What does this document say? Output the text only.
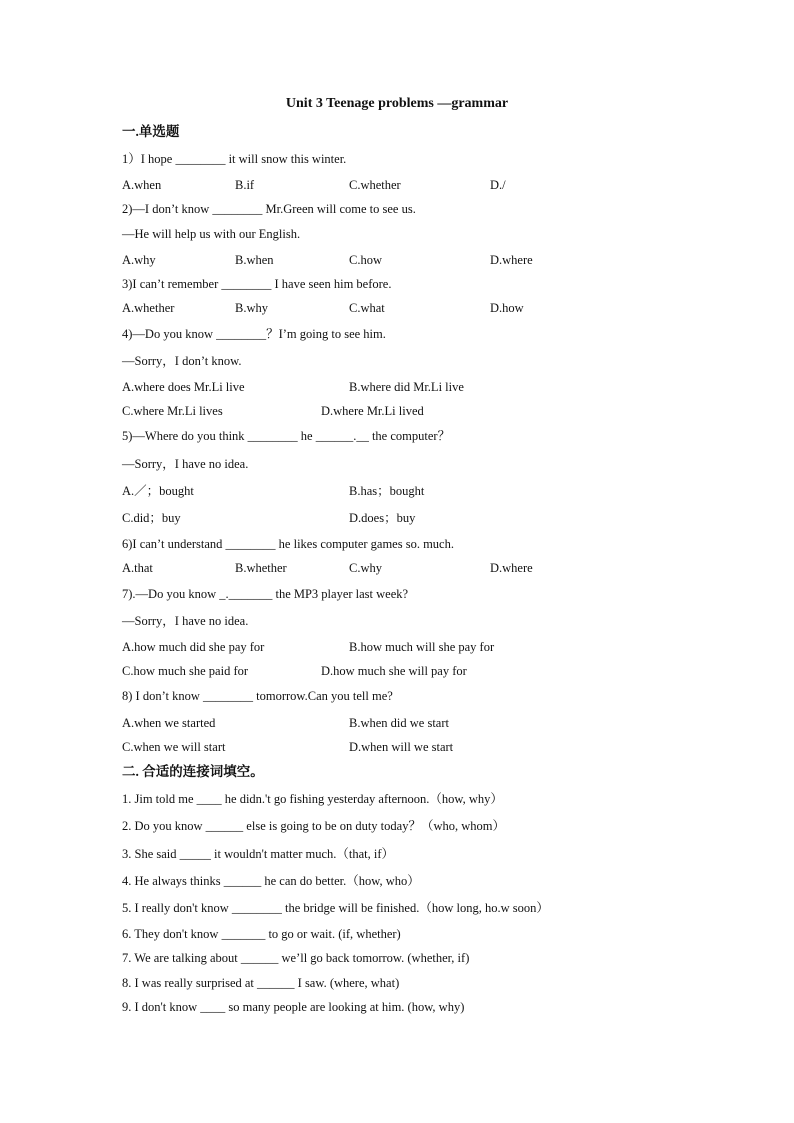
Unit 3 Teenage problems —grammar
一.单选题
1）I hope ________ it will snow this winter.
A.when	B.if	C.whether	D./
2)—I don’t know ________ Mr.Green will come to see us.
—He will help us with our English.
A.why	B.when	C.how	D.where
3)I can’t remember ________ I have seen him before.
A.whether	B.why	C.what	D.how
4)—Do you know ________？I’m going to see him.
—Sorry，I don’t know.
A.where does Mr.Li live	B.where did Mr.Li live
C.where Mr.Li lives	D.where Mr.Li lived
5)—Where do you think ________ he ______.__ the computer？
—Sorry，I have no idea.
A.／；bought	B.has；bought
C.did；buy	D.does；buy
6)I can’t understand ________ he likes computer games so. much.
A.that	B.whether	C.why	D.where
7).—Do you know _._______ the MP3 player last week?
—Sorry，I have no idea.
A.how much did she pay for	B.how much will she pay for
C.how much she paid for	D.how much she will pay for
8) I don’t know ________ tomorrow.Can you tell me?
A.when we started	B.when did we start
C.when we will start	D.when will we start
二. 合适的连接词填空。
1. Jim told me ____ he didn.'t go fishing yesterday afternoon.（how, why）
2. Do you know ______ else is going to be on duty today？（who, whom）
3. She said _____ it wouldn't matter much.（that, if）
4. He always thinks ______ he can do better.（how, who）
5. I really don't know ________ the bridge will be finished.（how long, ho.w soon）
6. They don't know _______ to go or wait. (if, whether)
7. We are talking about ______ we’ll go back tomorrow. (whether, if)
8. I was really surprised at ______ I saw. (where, what)
9. I don't know ____ so many people are looking at him. (how, why)
